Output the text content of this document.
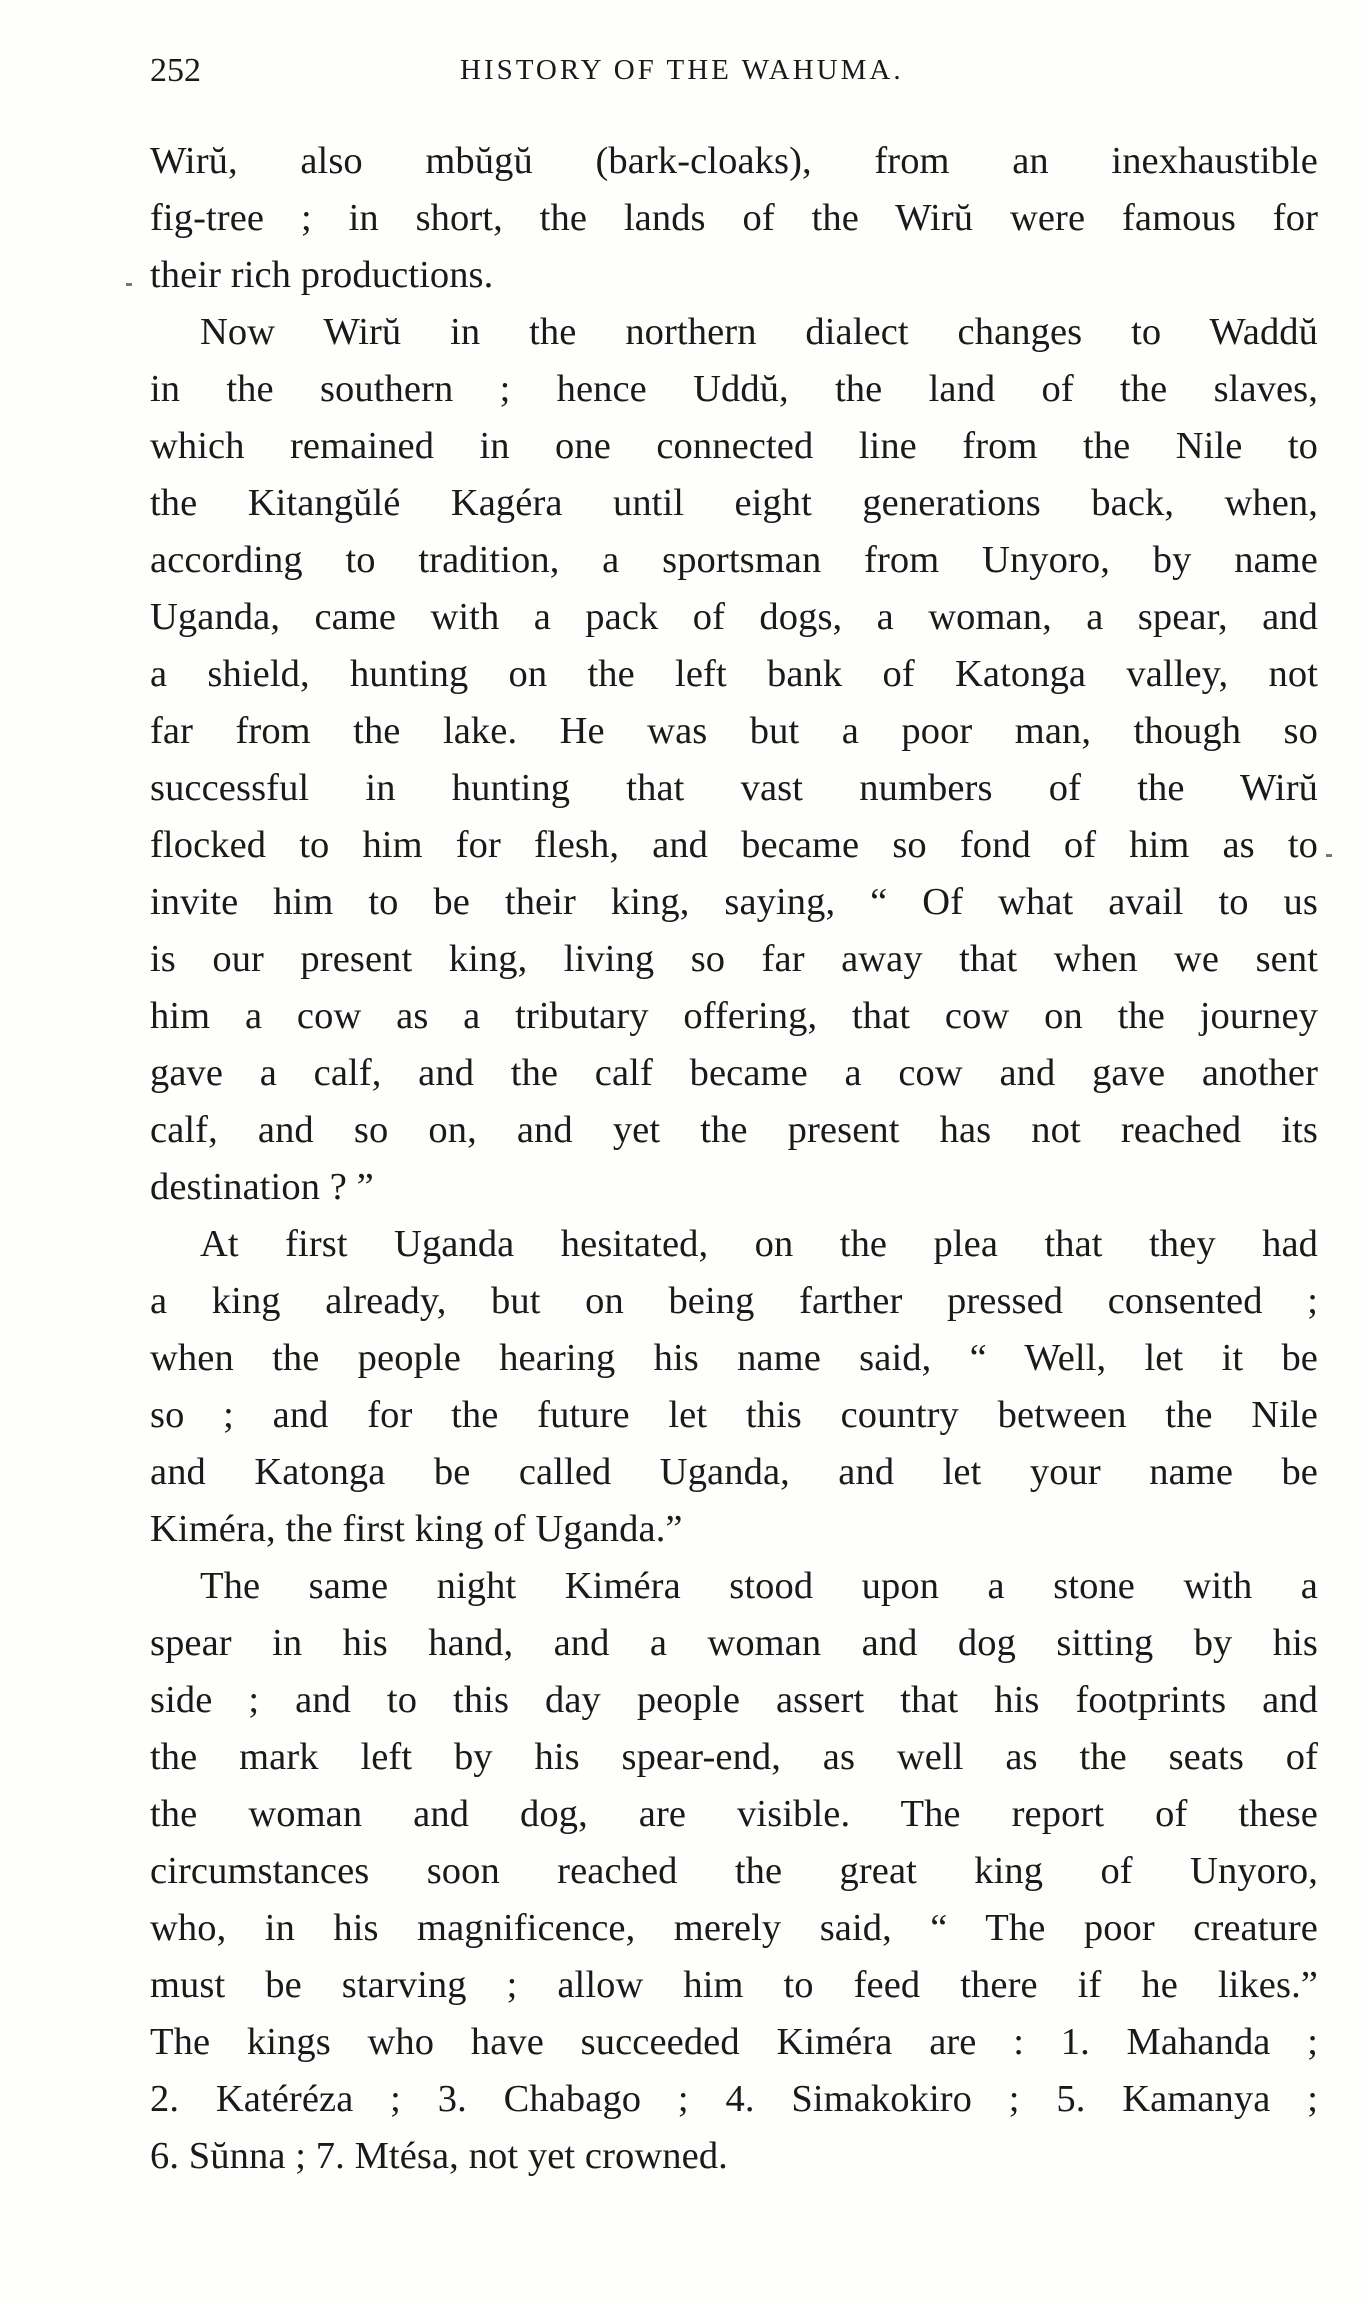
252	HISTORY OF THE WAHUMA.
Wirŭ, also mbŭgŭ (bark-cloaks), from an inexhaustible
fig-tree ; in short, the lands of the Wirŭ were famous for
their rich productions.
Now Wirŭ in the northern dialect changes to Waddŭ
in the southern ; hence Uddŭ, the land of the slaves,
which remained in one connected line from the Nile to
the Kitangŭlé Kagéra until eight generations back, when,
according to tradition, a sportsman from Unyoro, by name
Uganda, came with a pack of dogs, a woman, a spear, and
a shield, hunting on the left bank of Katonga valley, not
far from the lake. He was but a poor man, though so
successful in hunting that vast numbers of the Wirŭ
flocked to him for flesh, and became so fond of him as to
invite him to be their king, saying, “ Of what avail to us
is our present king, living so far away that when we sent
him a cow as a tributary offering, that cow on the journey
gave a calf, and the calf became a cow and gave another
calf, and so on, and yet the present has not reached its
destination ? ”
At first Uganda hesitated, on the plea that they had
a king already, but on being farther pressed consented ;
when the people hearing his name said, “ Well, let it be
so ; and for the future let this country between the Nile
and Katonga be called Uganda, and let your name be
Kiméra, the first king of Uganda.”
The same night Kiméra stood upon a stone with a
spear in his hand, and a woman and dog sitting by his
side ; and to this day people assert that his footprints and
the mark left by his spear-end, as well as the seats of
the woman and dog, are visible. The report of these
circumstances soon reached the great king of Unyoro,
who, in his magnificence, merely said, “ The poor creature
must be starving ; allow him to feed there if he likes.”
The kings who have succeeded Kiméra are : 1. Mahanda ;
2. Katéréza ; 3. Chabago ; 4. Simakokiro ; 5. Kamanya ;
6. Sŭnna ; 7. Mtésa, not yet crowned.
